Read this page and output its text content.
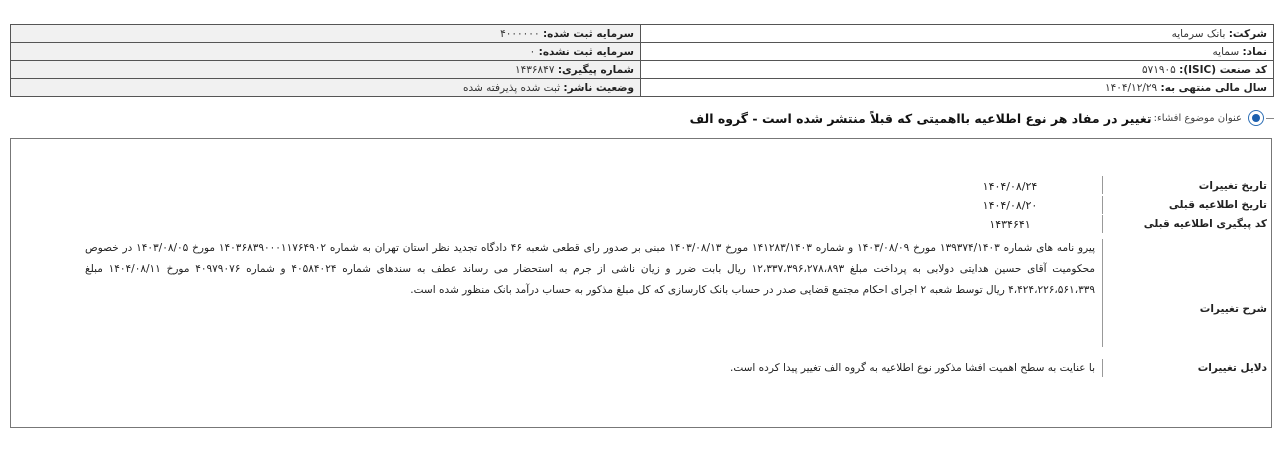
شرکت: بانک سرمایه	سرمایه ثبت شده: ۴۰۰۰۰۰۰
نماد: سمایه	سرمایه ثبت نشده: ۰
کد صنعت (ISIC): ۵۷۱۹۰۵	شماره پیگیری: ۱۴۳۶۸۴۷
سال مالی منتهی به: ۱۴۰۴/۱۲/۲۹	وضعیت ناشر: ثبت شده پذیرفته شده
عنوان موضوع افشاء:
تغییر در مفاد هر نوع اطلاعیه بااهمیتی که قبلاً منتشر شده است - گروه الف
تاریخ تغییرات
۱۴۰۴/۰۸/۲۴
تاریخ اطلاعیه قبلی
۱۴۰۴/۰۸/۲۰
کد پیگیری اطلاعیه قبلی
۱۴۳۴۶۴۱
شرح تغییرات
پیرو نامه های شماره ۱۳۹۳۷۴/۱۴۰۳ مورخ ۱۴۰۳/۰۸/۰۹ و شماره ۱۴۱۲۸۳/۱۴۰۳ مورخ ۱۴۰۳/۰۸/۱۳ مبنی بر صدور رای قطعی شعبه ۴۶ دادگاه تجدید نظر استان تهران به شماره ۱۴۰۳۶۸۳۹۰۰۰۱۱۷۶۴۹۰۲ مورخ ۱۴۰۳/۰۸/۰۵ در خصوص محکومیت آقای حسین هدایتی دولابی به پرداخت مبلغ ۱۲،۳۳۷،۳۹۶،۲۷۸،۸۹۳ ریال بابت ضرر و زیان ناشی از جرم به استحضار می رساند عطف به سندهای شماره ۴۰۵۸۴۰۲۴ و شماره ۴۰۹۷۹۰۷۶ مورخ ۱۴۰۴/۰۸/۱۱ مبلغ ۴،۴۲۴،۲۲۶،۵۶۱،۳۳۹ ریال توسط شعبه ۲ اجرای احکام مجتمع قضایی صدر در حساب بانک کارسازی که کل مبلغ مذکور به حساب درآمد بانک منظور شده است.
دلایل تغییرات
با عنایت به سطح اهمیت افشا مذکور نوع اطلاعیه به گروه الف تغییر پیدا کرده است.
